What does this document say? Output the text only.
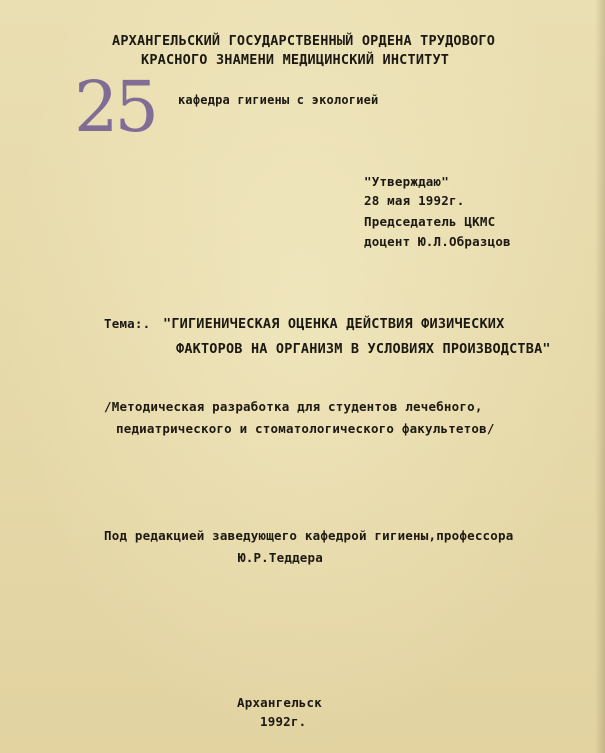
АРХАНГЕЛЬСКИЙ ГОСУДАРСТВЕННЫЙ ОРДЕНА ТРУДОВОГО
КРАСНОГО ЗНАМЕНИ МЕДИЦИНСКИЙ ИНСТИТУТ
25 кафедра гигиены с экологией
"Утверждаю"
28 мая 1992г.
Председатель ЦКМС
доцент Ю.Л.Образцов
Тема:. "ГИГИЕНИЧЕСКАЯ ОЦЕНКА ДЕЙСТВИЯ ФИЗИЧЕСКИХ
ФАКТОРОВ НА ОРГАНИЗМ В УСЛОВИЯХ ПРОИЗВОДСТВА"
/Методическая разработка для студентов лечебного,
педиатрического и стоматологического факультетов/
Под редакцией заведующего кафедрой гигиены,профессора
Ю.Р.Теддера
Архангельск
1992г.
